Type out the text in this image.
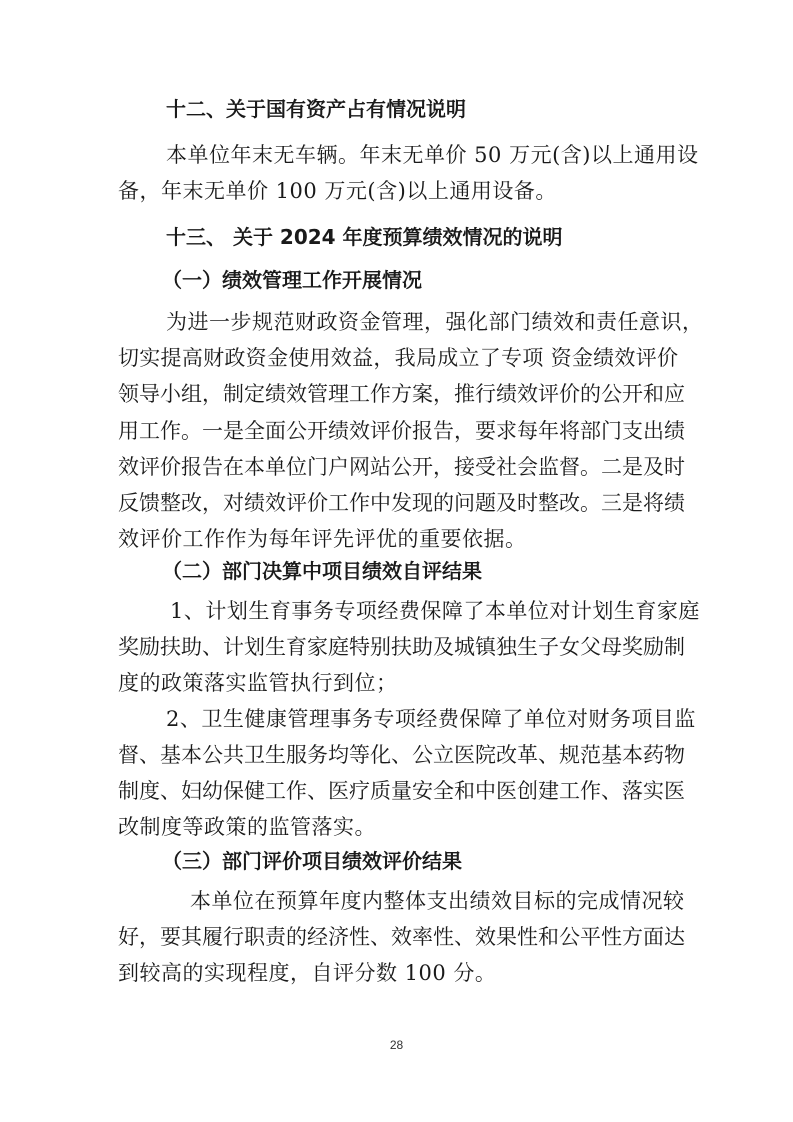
十二、关于国有资产占有情况说明
本单位年末无车辆。年末无单价 50 万元(含)以上通用设
备，年末无单价 100 万元(含)以上通用设备。
十三、 关于 2024 年度预算绩效情况的说明
（一）绩效管理工作开展情况
为进一步规范财政资金管理，强化部门绩效和责任意识，
切实提高财政资金使用效益，我局成立了专项 资金绩效评价
领导小组，制定绩效管理工作方案，推行绩效评价的公开和应
用工作。一是全面公开绩效评价报告，要求每年将部门支出绩
效评价报告在本单位门户网站公开，接受社会监督。二是及时
反馈整改，对绩效评价工作中发现的问题及时整改。三是将绩
效评价工作作为每年评先评优的重要依据。
（二）部门决算中项目绩效自评结果
1、计划生育事务专项经费保障了本单位对计划生育家庭
奖励扶助、计划生育家庭特别扶助及城镇独生子女父母奖励制
度的政策落实监管执行到位；
2、卫生健康管理事务专项经费保障了单位对财务项目监
督、基本公共卫生服务均等化、公立医院改革、规范基本药物
制度、妇幼保健工作、医疗质量安全和中医创建工作、落实医
改制度等政策的监管落实。
（三）部门评价项目绩效评价结果
本单位在预算年度内整体支出绩效目标的完成情况较
好，要其履行职责的经济性、效率性、效果性和公平性方面达
到较高的实现程度，自评分数 100 分。
28
